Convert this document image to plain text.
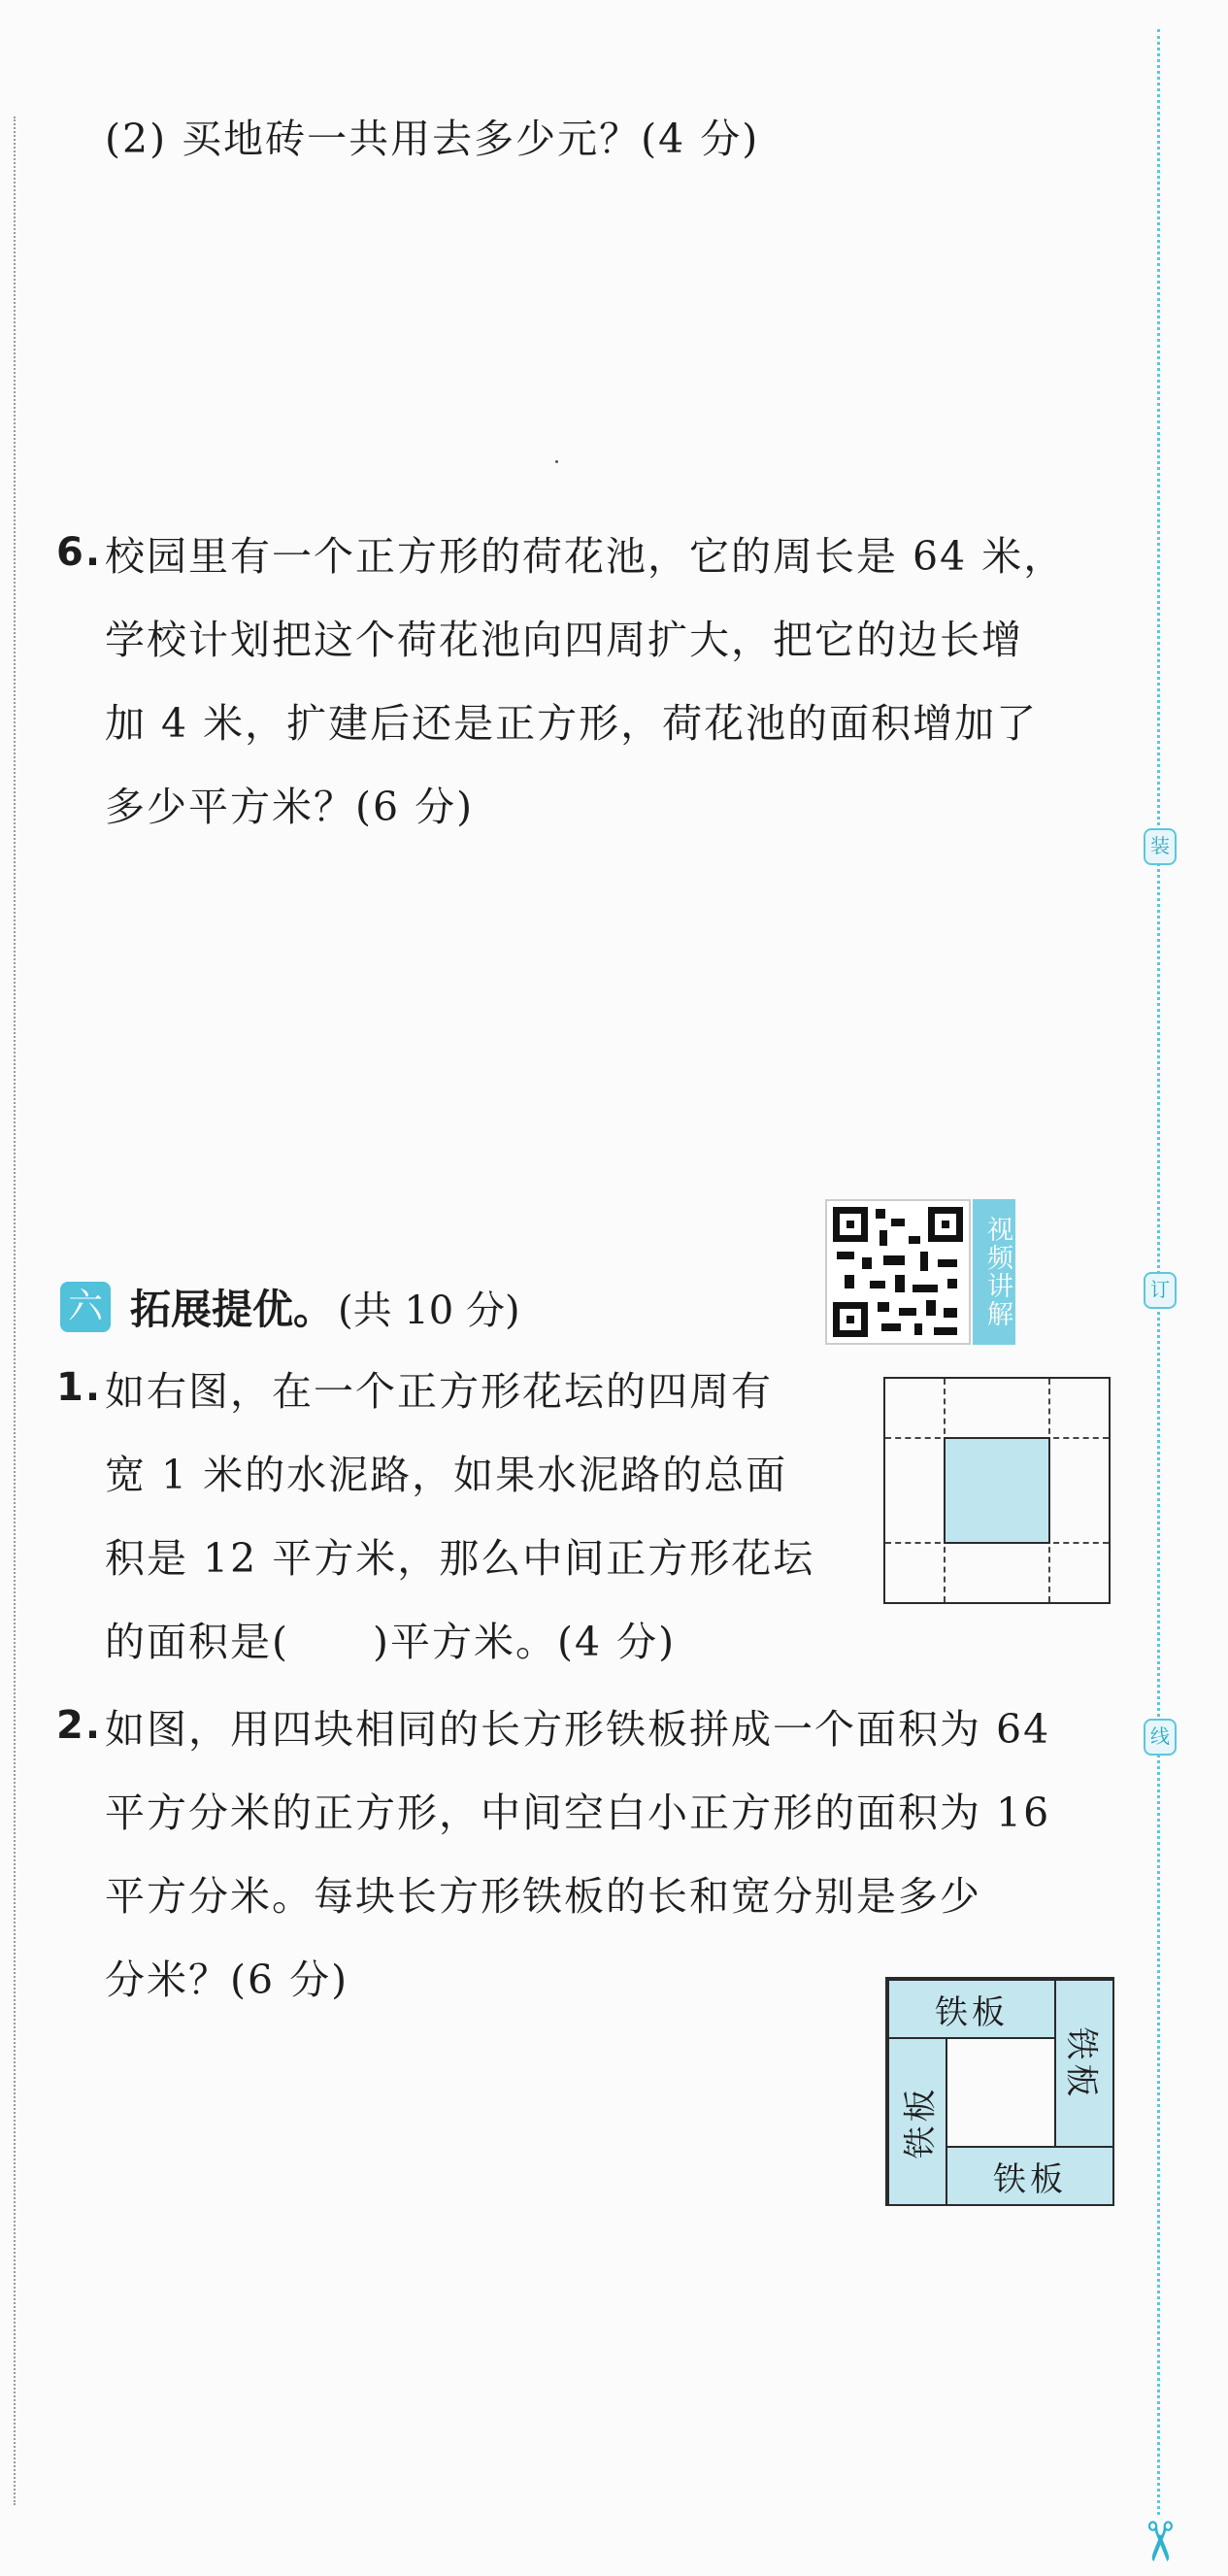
装
订
线
✂
(2) 买地砖一共用去多少元？(4 分)
6. 校园里有一个正方形的荷花池，它的周长是 64 米，
学校计划把这个荷花池向四周扩大，把它的边长增
加 4 米，扩建后还是正方形，荷花池的面积增加了
多少平方米？(6 分)
视频讲解
六 拓展提优。 (共 10 分)
1. 如右图，在一个正方形花坛的四周有
宽 1 米的水泥路，如果水泥路的总面
积是 12 平方米，那么中间正方形花坛
的面积是(　　)平方米。(4 分)
2. 如图，用四块相同的长方形铁板拼成一个面积为 64
平方分米的正方形，中间空白小正方形的面积为 16
平方分米。每块长方形铁板的长和宽分别是多少
分米？(6 分)
铁板
铁板
铁板
铁板
